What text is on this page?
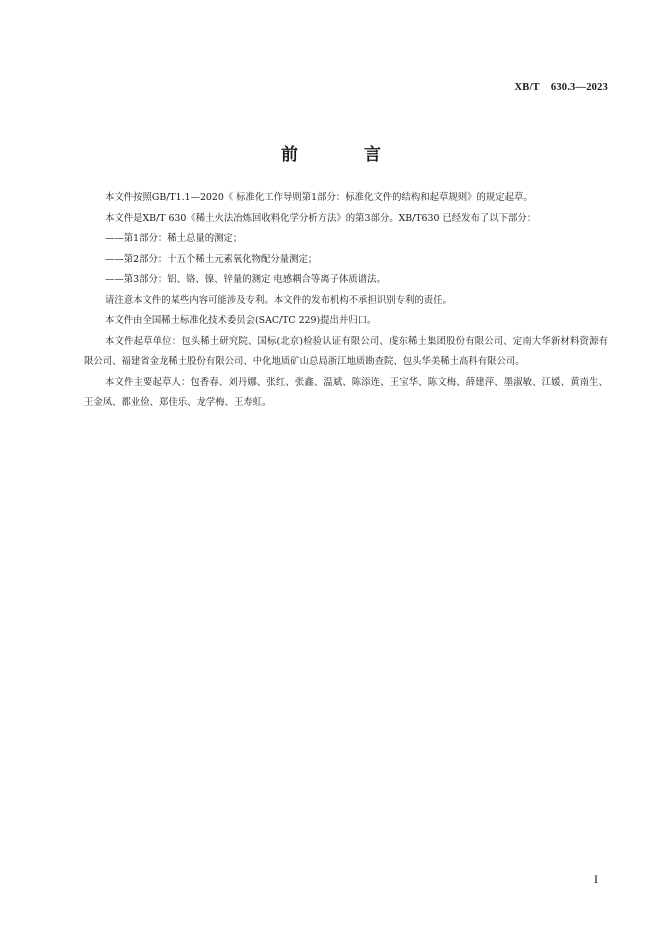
XB/T    630.3—2023
前 言

本文件按照GB/T1.1—2020《 标准化工作导则第1部分：标准化文件的结构和起草规则》的规定起草。

本文件是XB/T 630《稀土火法冶炼回收料化学分析方法》的第3部分。XB/T630 已经发布了以下部分：

——第1部分：稀土总量的测定；

——第2部分：十五个稀土元素氧化物配分量测定；

——第3部分：铝、铬、镍、锌量的测定 电感耦合等离子体质谱法。

请注意本文件的某些内容可能涉及专利。本文件的发布机构不承担识别专利的责任。

本文件由全国稀土标准化技术委员会(SAC/TC 229)提出并归口。

本文件起草单位：包头稀土研究院、国标(北京)检验认证有限公司、虔东稀土集团股份有限公司、定南大华新材料资源有限公司、福建省金龙稀土股份有限公司、中化地质矿山总局浙江地质勘查院、包头华美稀土高科有限公司。

本文件主要起草人：包香春、刘丹娜、张红、张鑫、温斌、陈添连、王宝华、陈文梅、薛建萍、墨淑敏、江媛、黄南生、王金凤、都业俭、郑佳乐、龙学梅、王寿虹。

I
